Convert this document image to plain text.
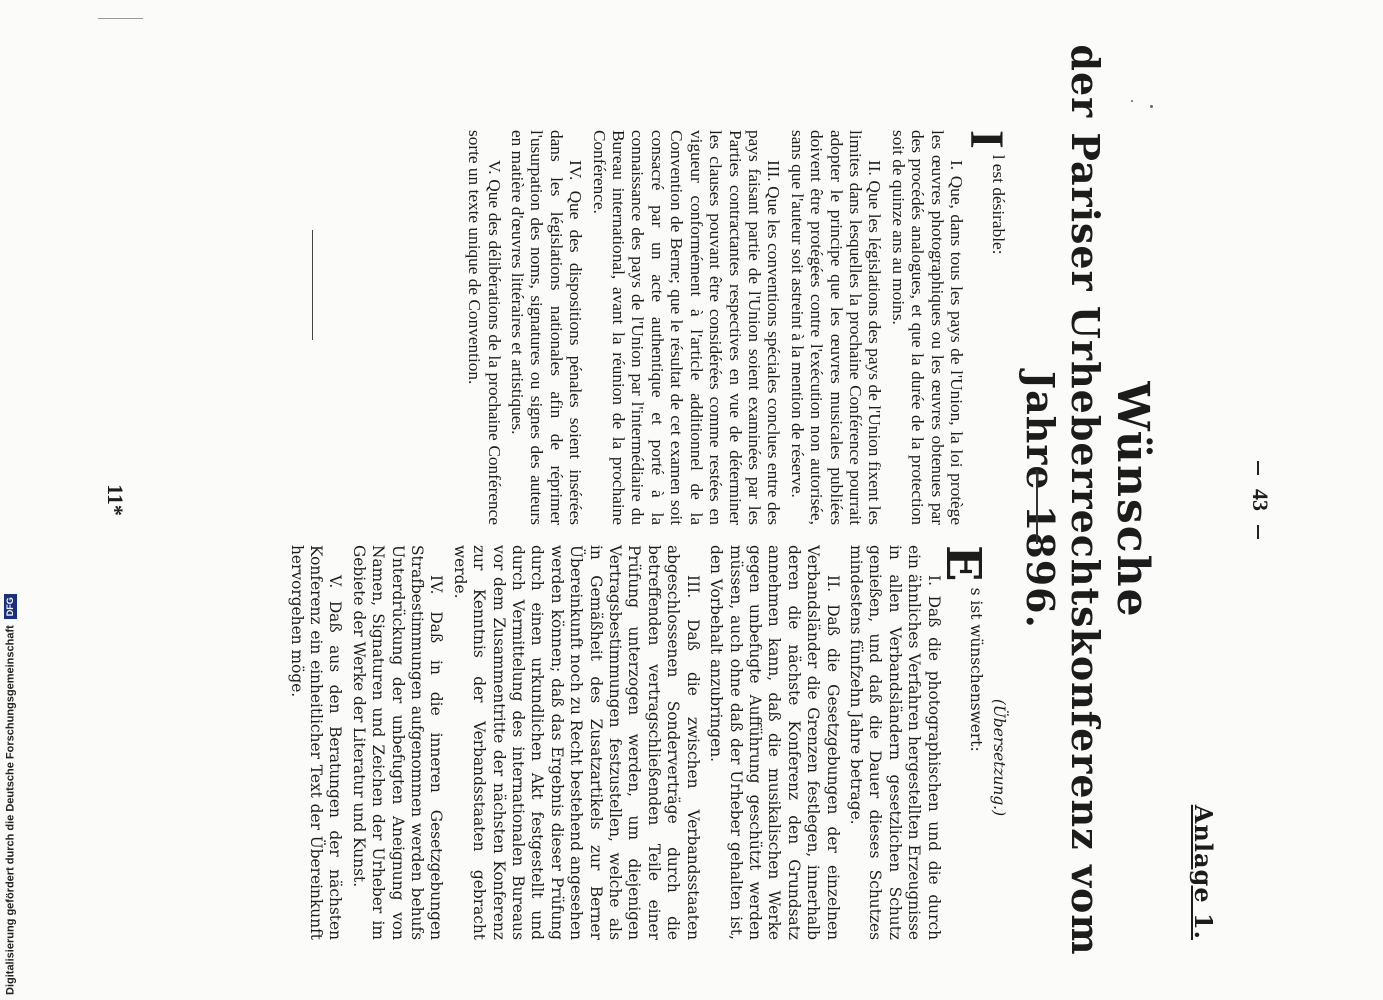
Anlage 1.
43
Wünsche
der Pariser Urheberrechtskonferenz vom Jahre 1896.

I
l est désirable:

I. Que, dans tous les pays de l'Union, la loi protège les œuvres photographiques ou les œuvres obtenues par des procédés analogues, et que la durée de la protection soit de quinze ans au moins.

II. Que les législations des pays de l'Union fixent les limites dans lesquelles la prochaine Conférence pourrait adopter le principe que les œuvres musicales publiées doivent être protégées contre l'exécution non autorisée, sans que l'auteur soit astreint à la mention de réserve.

III. Que les conventions spéciales conclues entre des pays faisant partie de l'Union soient examinées par les Parties contractantes respectives en vue de déterminer les clauses pouvant être considérées comme restées en vigueur conformément à l'article additionnel de la Convention de Berne; que le résultat de cet examen soit consacré par un acte authentique et porté à la connaissance des pays de l'Union par l'intermédiaire du Bureau international, avant la réunion de la prochaine Conférence.

IV. Que des dispositions pénales soient insérées dans les législations nationales afin de réprimer l'usurpation des noms, signatures ou signes des auteurs en matière d'œuvres littéraires et artistiques.

V. Que des délibérations de la prochaine Conférence sorte un texte unique de Convention.

(Übersetzung.)

E
s ist wünschenswert:

I. Daß die photographischen und die durch ein ähnliches Verfahren hergestellten Erzeugnisse in allen Verbandsländern gesetzlichen Schutz genießen, und daß die Dauer dieses Schutzes mindestens fünfzehn Jahre betrage.

II. Daß die Gesetzgebungen der einzelnen Verbandsländer die Grenzen festlegen, innerhalb deren die nächste Konferenz den Grundsatz annehmen kann, daß die musikalischen Werke gegen unbefugte Aufführung geschützt werden müssen, auch ohne daß der Urheber gehalten ist, den Vorbehalt anzubringen.

III. Daß die zwischen Verbandsstaaten abgeschlossenen Sonderverträge durch die betreffenden vertragschließenden Teile einer Prüfung unterzogen werden, um diejenigen Vertragsbestimmungen festzustellen, welche als in Gemäßheit des Zusatzartikels zur Berner Übereinkunft noch zu Recht bestehend angesehen werden können; daß das Ergebnis dieser Prüfung durch einen urkundlichen Akt festgestellt und durch Vermittelung des internationalen Bureaus vor dem Zusammentritte der nächsten Konferenz zur Kenntnis der Verbandsstaaten gebracht werde.

IV. Daß in die inneren Gesetzgebungen Strafbestimmungen aufgenommen werden behufs Unterdrückung der unbefugten Aneignung von Namen, Signaturen und Zeichen der Urheber im Gebiete der Werke der Literatur und Kunst.

V. Daß aus den Beratungen der nächsten Konferenz ein einheitlicher Text der Übereinkunft hervorgehen möge.

11*
Digitalisierung gefördert durch die Deutsche ForschungsgemeinschaftDFG
